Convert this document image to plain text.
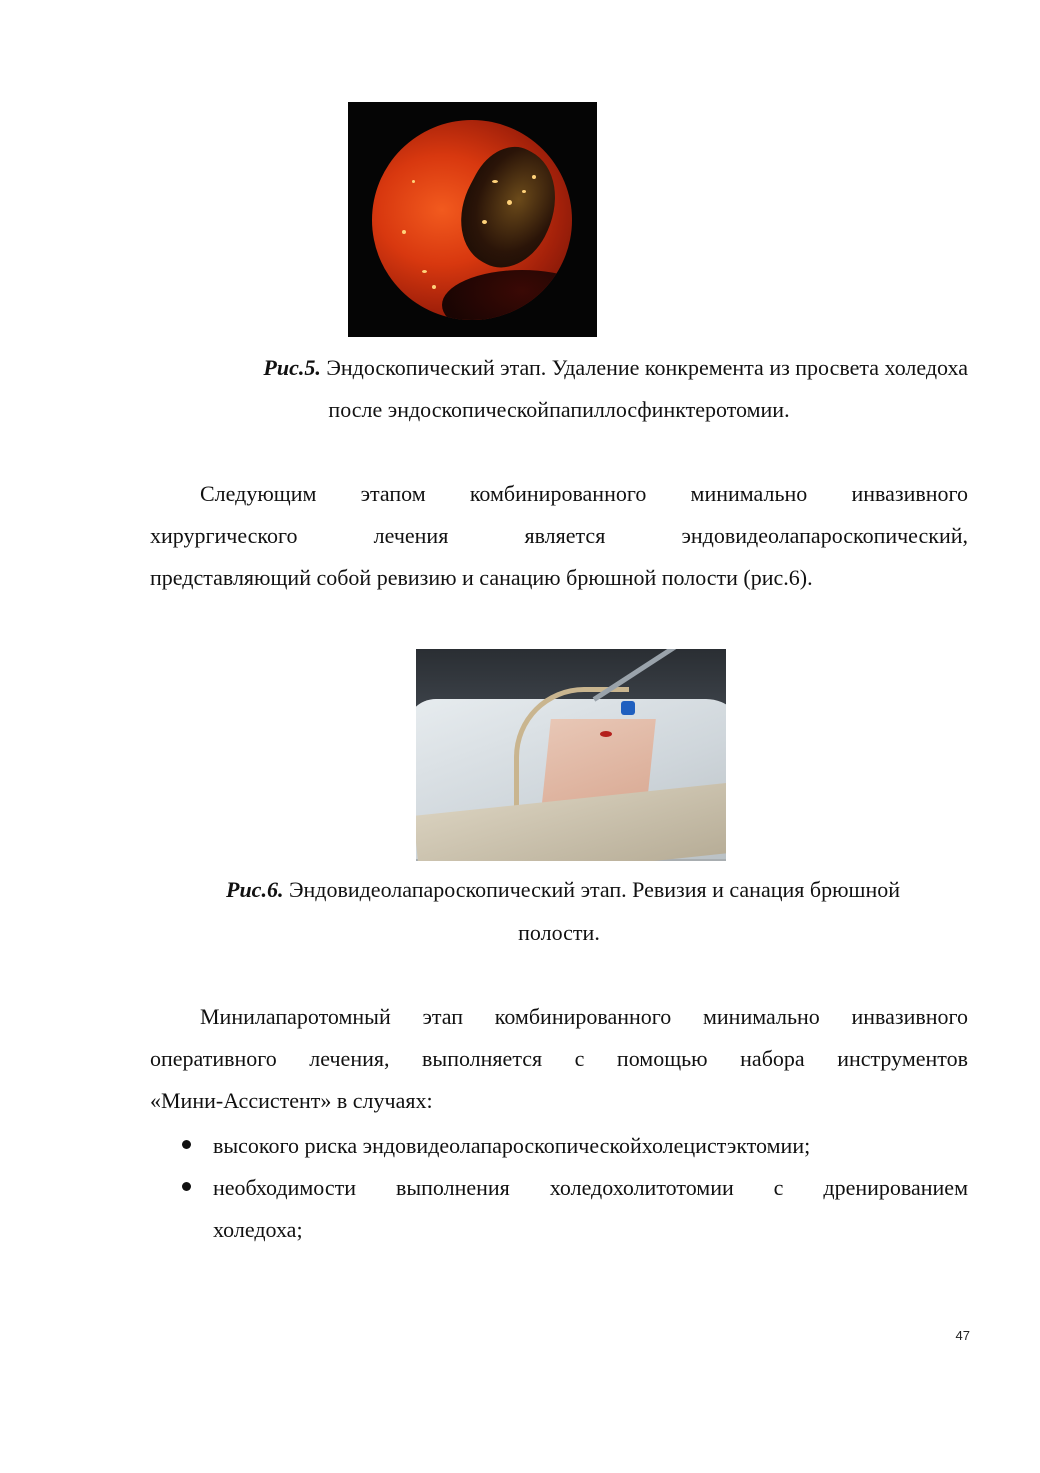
Рис.5. Эндоскопический этап. Удаление конкремента из просвета холедоха
после эндоскопическойпапиллосфинктеротомии.
Следующим этапом комбинированного минимально инвазивного
хирургического лечения является эндовидеолапароскопический,
представляющий собой ревизию и санацию брюшной полости (рис.6).
Рис.6. Эндовидеолапароскопический этап. Ревизия и санация брюшной
полости.
Минилапаротомный этап комбинированного минимально инвазивного
оперативного лечения, выполняется с помощью набора инструментов
«Мини-Ассистент» в случаях:
высокого риска эндовидеолапароскопическойхолецистэктомии;
необходимости выполнения холедохолитотомии с дренированием
холедоха;
47
